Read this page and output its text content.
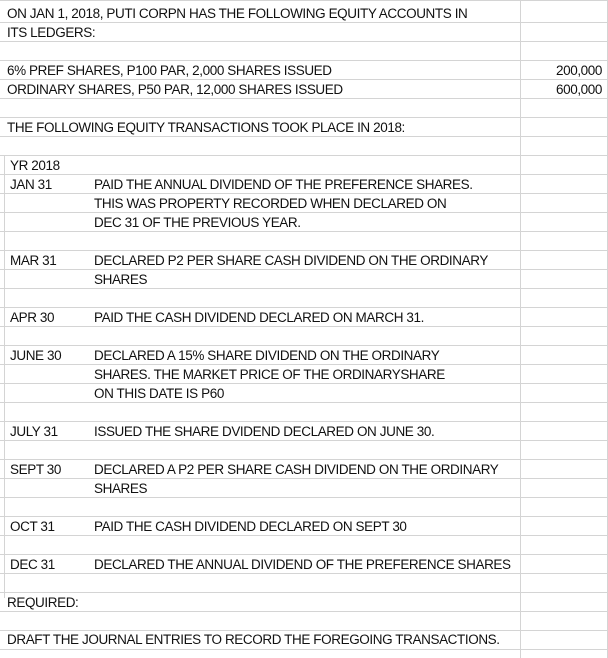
ON JAN 1, 2018, PUTI CORPN HAS THE FOLLOWING EQUITY ACCOUNTS IN
ITS LEDGERS:
6% PREF SHARES, P100 PAR, 2,000 SHARES ISSUED	200,000
ORDINARY SHARES, P50 PAR, 12,000 SHARES ISSUED	600,000
THE FOLLOWING EQUITY TRANSACTIONS TOOK PLACE IN 2018:
YR 2018
JAN 31	PAID THE ANNUAL DIVIDEND OF THE PREFERENCE SHARES.
THIS WAS PROPERTY RECORDED WHEN DECLARED ON
DEC 31 OF THE PREVIOUS YEAR.
MAR 31	DECLARED P2 PER SHARE CASH DIVIDEND ON THE ORDINARY
SHARES
APR 30	PAID THE CASH DIVIDEND DECLARED ON MARCH 31.
JUNE 30 DECLARED A 15% SHARE DIVIDEND ON THE ORDINARY
SHARES. THE MARKET PRICE OF THE ORDINARYSHARE
ON THIS DATE IS P60
JULY 31	ISSUED THE SHARE DVIDEND DECLARED ON JUNE 30.
SEPT 30 DECLARED A P2 PER SHARE CASH DIVIDEND ON THE ORDINARY
SHARES
OCT 31	PAID THE CASH DIVIDEND DECLARED ON SEPT 30
DEC 31	DECLARED THE ANNUAL DIVIDEND OF THE PREFERENCE SHARES
REQUIRED:
DRAFT THE JOURNAL ENTRIES TO RECORD THE FOREGOING TRANSACTIONS.
